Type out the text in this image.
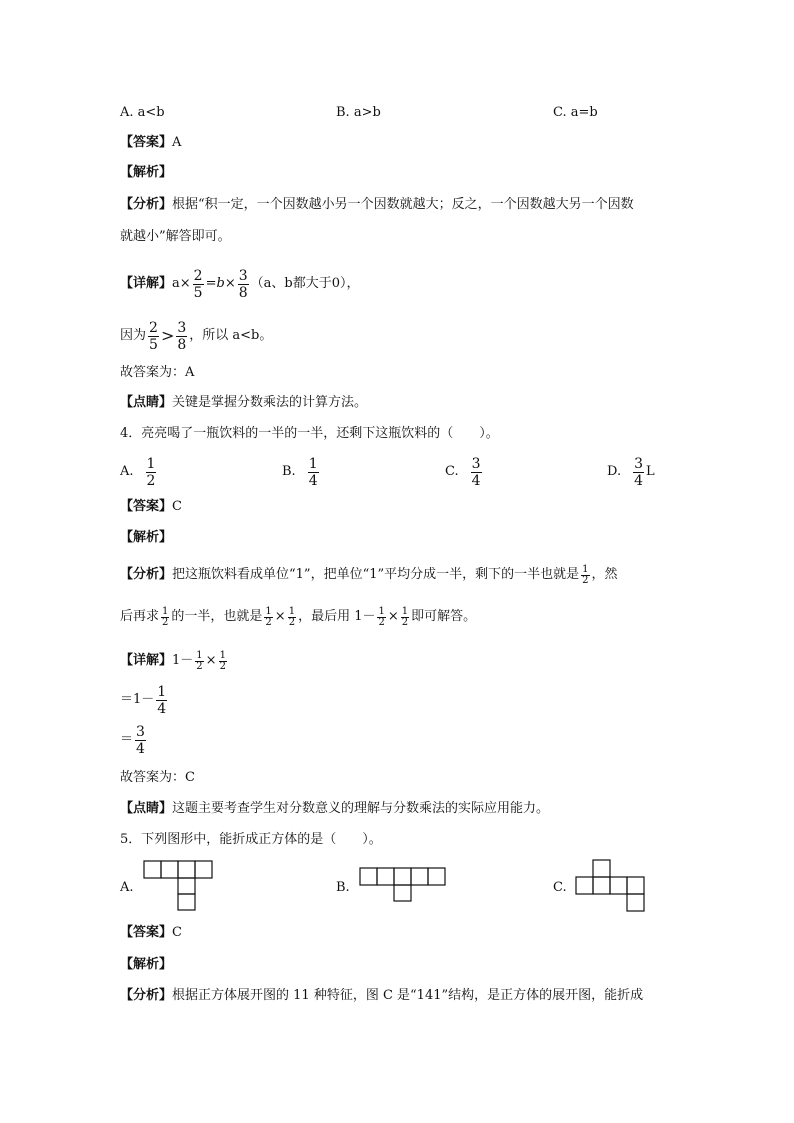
A. a<b	B. a>b	C. a=b
【答案】A
【解析】
【分析】根据“积一定，一个因数越小另一个因数就越大；反之，一个因数越大另一个因数
就越小”解答即可。
【详解】 $a\times \frac{2}{5} = b \times \frac{3}{8} (a$、b都大于0），
因为 $\frac{2}{5} > \frac{3}{8}$ ，所以 a<b。
故答案为：A
【点睛】关键是掌握分数乘法的计算方法。
4．亮亮喝了一瓶饮料的一半的一半，还剩下这瓶饮料的（　　）。
A. $\frac{1}{2}$	B. $\frac{1}{4}$	C. $\frac{3}{4}$	D. $\frac{3}{4}$ L
【答案】C
【解析】
【分析】 把这瓶饮料看成单位“1”，把单位“1”平均分成一半，剩下的一半也就是 $\frac{1}{2}$ ，然
后再求 $\frac{1}{2}$ 的一半，也就是 $\frac{1}{2} \times \frac{1}{2}$ ，最后用 $1- \frac{1}{2} \times \frac{1}{2}$ 即可解答。
【详解】 $1- \frac{1}{2} \times \frac{1}{2}$
$=1- \frac{1}{4}$
＝ $\frac{3}{4}$
故答案为：C
【点睛】这题主要考查学生对分数意义的理解与分数乘法的实际应用能力。
5．下列图形中，能折成正方体的是（　　）。
A.	B.	C.
【答案】C
【解析】
【分析】根据正方体展开图的 11 种特征，图 C 是“141”结构，是正方体的展开图，能折成
